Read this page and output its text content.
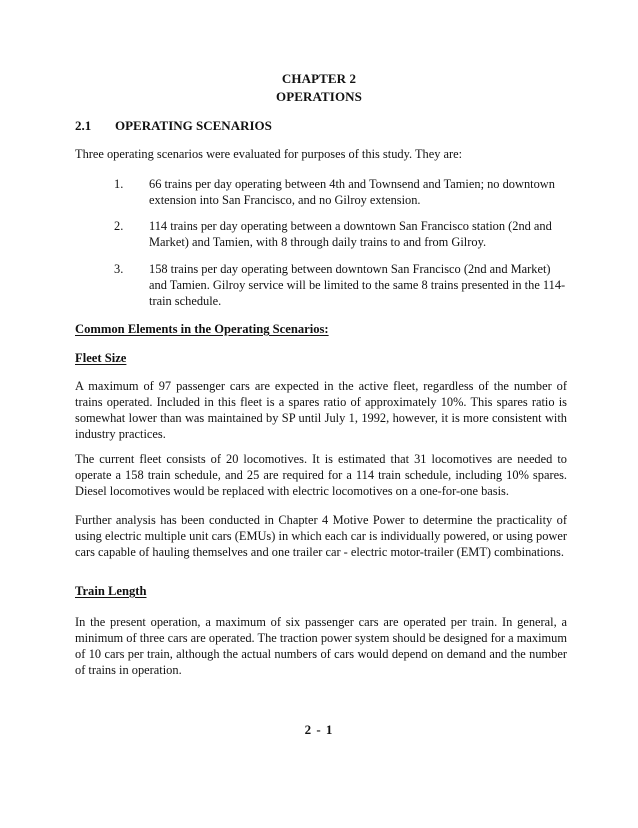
CHAPTER 2
OPERATIONS
2.1 OPERATING SCENARIOS
Three operating scenarios were evaluated for purposes of this study. They are:
1. 66 trains per day operating between 4th and Townsend and Tamien; no downtown extension into San Francisco, and no Gilroy extension.
2. 114 trains per day operating between a downtown San Francisco station (2nd and Market) and Tamien, with 8 through daily trains to and from Gilroy.
3. 158 trains per day operating between downtown San Francisco (2nd and Market) and Tamien. Gilroy service will be limited to the same 8 trains presented in the 114-train schedule.
Common Elements in the Operating Scenarios:
Fleet Size
A maximum of 97 passenger cars are expected in the active fleet, regardless of the number of trains operated. Included in this fleet is a spares ratio of approximately 10%. This spares ratio is somewhat lower than was maintained by SP until July 1, 1992, however, it is more consistent with industry practices.
The current fleet consists of 20 locomotives. It is estimated that 31 locomotives are needed to operate a 158 train schedule, and 25 are required for a 114 train schedule, including 10% spares. Diesel locomotives would be replaced with electric locomotives on a one-for-one basis.
Further analysis has been conducted in Chapter 4 Motive Power to determine the practicality of using electric multiple unit cars (EMUs) in which each car is individually powered, or using power cars capable of hauling themselves and one trailer car - electric motor-trailer (EMT) combinations.
Train Length
In the present operation, a maximum of six passenger cars are operated per train. In general, a minimum of three cars are operated. The traction power system should be designed for a maximum of 10 cars per train, although the actual numbers of cars would depend on demand and the number of trains in operation.
2 - 1
